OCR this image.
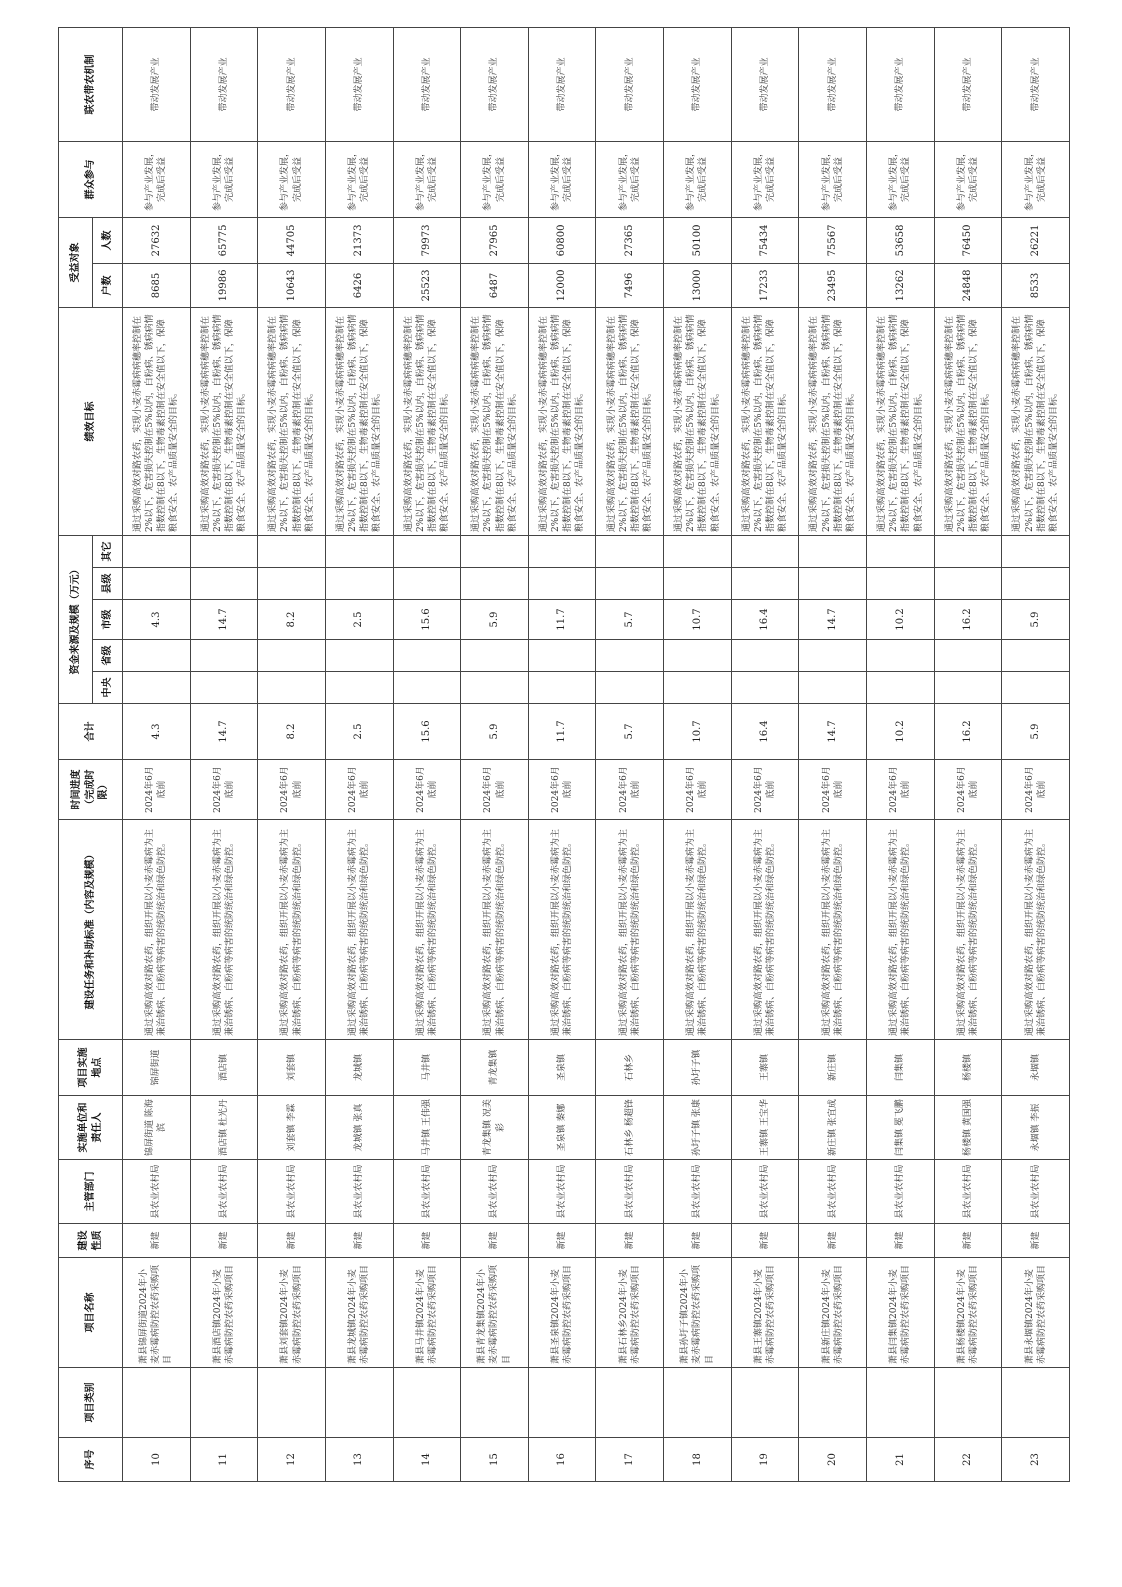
序号	项目类别	项目名称	建设性质	主管部门	实施单位和责任人	项目实施地点	建设任务和补助标准（内容及规模）	时间进度（完成时限）	合计	资金来源及规模（万元）					绩效目标	受益对象		群众参与	联农带农机制
										中央	省级	市级	县级	其它		户数	人数		
10		萧县锦屏街道2024年小麦赤霉病防控农药采购项目	新建	县农业农村局	锦屏街道 陈海滨	锦屏街道	通过采购高效对路农药，组织开展以小麦赤霉病为主兼治锈病、白粉病等病害的统防统治和绿色防控。	2024年6月底前	4.3			4.3			通过采购高效对路农药，实现小麦赤霉病病穗率控制在2%以下，危害损失控制在5%以内，白粉病、锈病病情指数控制在8以下，生物毒素控制在安全值以下，保障粮食安全、农产品质量安全的目标。	8685	27632	参与产业发展，完成后受益	带动发展产业
11		萧县酒店镇2024年小麦赤霉病防控农药采购项目	新建	县农业农村局	酒店镇 杜光丹	酒店镇	通过采购高效对路农药，组织开展以小麦赤霉病为主兼治锈病、白粉病等病害的统防统治和绿色防控。	2024年6月底前	14.7			14.7			通过采购高效对路农药，实现小麦赤霉病病穗率控制在2%以下，危害损失控制在5%以内，白粉病、锈病病情指数控制在8以下，生物毒素控制在安全值以下，保障粮食安全、农产品质量安全的目标。	19986	65775	参与产业发展，完成后受益	带动发展产业
12		萧县刘套镇2024年小麦赤霉病防控农药采购项目	新建	县农业农村局	刘套镇 李霖	刘套镇	通过采购高效对路农药，组织开展以小麦赤霉病为主兼治锈病、白粉病等病害的统防统治和绿色防控。	2024年6月底前	8.2			8.2			通过采购高效对路农药，实现小麦赤霉病病穗率控制在2%以下，危害损失控制在5%以内，白粉病、锈病病情指数控制在8以下，生物毒素控制在安全值以下，保障粮食安全、农产品质量安全的目标。	10643	44705	参与产业发展，完成后受益	带动发展产业
13		萧县龙城镇2024年小麦赤霉病防控农药采购项目	新建	县农业农村局	龙城镇 张真	龙城镇	通过采购高效对路农药，组织开展以小麦赤霉病为主兼治锈病、白粉病等病害的统防统治和绿色防控。	2024年6月底前	2.5			2.5			通过采购高效对路农药，实现小麦赤霉病病穗率控制在2%以下，危害损失控制在5%以内，白粉病、锈病病情指数控制在8以下，生物毒素控制在安全值以下，保障粮食安全、农产品质量安全的目标。	6426	21373	参与产业发展，完成后受益	带动发展产业
14		萧县马井镇2024年小麦赤霉病防控农药采购项目	新建	县农业农村局	马井镇 王伟强	马井镇	通过采购高效对路农药，组织开展以小麦赤霉病为主兼治锈病、白粉病等病害的统防统治和绿色防控。	2024年6月底前	15.6			15.6			通过采购高效对路农药，实现小麦赤霉病病穗率控制在2%以下，危害损失控制在5%以内，白粉病、锈病病情指数控制在8以下，生物毒素控制在安全值以下，保障粮食安全、农产品质量安全的目标。	25523	79973	参与产业发展，完成后受益	带动发展产业
15		萧县青龙集镇2024年小麦赤霉病防控农药采购项目	新建	县农业农村局	青龙集镇 况美彩	青龙集镇	通过采购高效对路农药，组织开展以小麦赤霉病为主兼治锈病、白粉病等病害的统防统治和绿色防控。	2024年6月底前	5.9			5.9			通过采购高效对路农药，实现小麦赤霉病病穗率控制在2%以下，危害损失控制在5%以内，白粉病、锈病病情指数控制在8以下，生物毒素控制在安全值以下，保障粮食安全、农产品质量安全的目标。	6487	27965	参与产业发展，完成后受益	带动发展产业
16		萧县圣泉镇2024年小麦赤霉病防控农药采购项目	新建	县农业农村局	圣泉镇 秦娜	圣泉镇	通过采购高效对路农药，组织开展以小麦赤霉病为主兼治锈病、白粉病等病害的统防统治和绿色防控。	2024年6月底前	11.7			11.7			通过采购高效对路农药，实现小麦赤霉病病穗率控制在2%以下，危害损失控制在5%以内，白粉病、锈病病情指数控制在8以下，生物毒素控制在安全值以下，保障粮食安全、农产品质量安全的目标。	12000	60800	参与产业发展，完成后受益	带动发展产业
17		萧县石林乡2024年小麦赤霉病防控农药采购项目	新建	县农业农村局	石林乡 杨超锋	石林乡	通过采购高效对路农药，组织开展以小麦赤霉病为主兼治锈病、白粉病等病害的统防统治和绿色防控。	2024年6月底前	5.7			5.7			通过采购高效对路农药，实现小麦赤霉病病穗率控制在2%以下，危害损失控制在5%以内，白粉病、锈病病情指数控制在8以下，生物毒素控制在安全值以下，保障粮食安全、农产品质量安全的目标。	7496	27365	参与产业发展，完成后受益	带动发展产业
18		萧县孙圩子镇2024年小麦赤霉病防控农药采购项目	新建	县农业农村局	孙圩子镇 张康	孙圩子镇	通过采购高效对路农药，组织开展以小麦赤霉病为主兼治锈病、白粉病等病害的统防统治和绿色防控。	2024年6月底前	10.7			10.7			通过采购高效对路农药，实现小麦赤霉病病穗率控制在2%以下，危害损失控制在5%以内，白粉病、锈病病情指数控制在8以下，生物毒素控制在安全值以下，保障粮食安全、农产品质量安全的目标。	13000	50100	参与产业发展，完成后受益	带动发展产业
19		萧县王寨镇2024年小麦赤霉病防控农药采购项目	新建	县农业农村局	王寨镇 王宝华	王寨镇	通过采购高效对路农药，组织开展以小麦赤霉病为主兼治锈病、白粉病等病害的统防统治和绿色防控。	2024年6月底前	16.4			16.4			通过采购高效对路农药，实现小麦赤霉病病穗率控制在2%以下，危害损失控制在5%以内，白粉病、锈病病情指数控制在8以下，生物毒素控制在安全值以下，保障粮食安全、农产品质量安全的目标。	17233	75434	参与产业发展，完成后受益	带动发展产业
20		萧县新庄镇2024年小麦赤霉病防控农药采购项目	新建	县农业农村局	新庄镇 张宜成	新庄镇	通过采购高效对路农药，组织开展以小麦赤霉病为主兼治锈病、白粉病等病害的统防统治和绿色防控。	2024年6月底前	14.7			14.7			通过采购高效对路农药，实现小麦赤霉病病穗率控制在2%以下，危害损失控制在5%以内，白粉病、锈病病情指数控制在8以下，生物毒素控制在安全值以下，保障粮食安全、农产品质量安全的目标。	23495	75567	参与产业发展，完成后受益	带动发展产业
21		萧县闫集镇2024年小麦赤霉病防控农药采购项目	新建	县农业农村局	闫集镇 冕飞鹏	闫集镇	通过采购高效对路农药，组织开展以小麦赤霉病为主兼治锈病、白粉病等病害的统防统治和绿色防控。	2024年6月底前	10.2			10.2			通过采购高效对路农药，实现小麦赤霉病病穗率控制在2%以下，危害损失控制在5%以内，白粉病、锈病病情指数控制在8以下，生物毒素控制在安全值以下，保障粮食安全、农产品质量安全的目标。	13262	53658	参与产业发展，完成后受益	带动发展产业
22		萧县杨楼镇2024年小麦赤霉病防控农药采购项目	新建	县农业农村局	杨楼镇 黄国强	杨楼镇	通过采购高效对路农药，组织开展以小麦赤霉病为主兼治锈病、白粉病等病害的统防统治和绿色防控。	2024年6月底前	16.2			16.2			通过采购高效对路农药，实现小麦赤霉病病穗率控制在2%以下，危害损失控制在5%以内，白粉病、锈病病情指数控制在8以下，生物毒素控制在安全值以下，保障粮食安全、农产品质量安全的目标。	24848	76450	参与产业发展，完成后受益	带动发展产业
23		萧县永堌镇2024年小麦赤霉病防控农药采购项目	新建	县农业农村局	永堌镇 李振	永堌镇	通过采购高效对路农药，组织开展以小麦赤霉病为主兼治锈病、白粉病等病害的统防统治和绿色防控。	2024年6月底前	5.9			5.9			通过采购高效对路农药，实现小麦赤霉病病穗率控制在2%以下，危害损失控制在5%以内，白粉病、锈病病情指数控制在8以下，生物毒素控制在安全值以下，保障粮食安全、农产品质量安全的目标。	8533	26221	参与产业发展，完成后受益	带动发展产业
